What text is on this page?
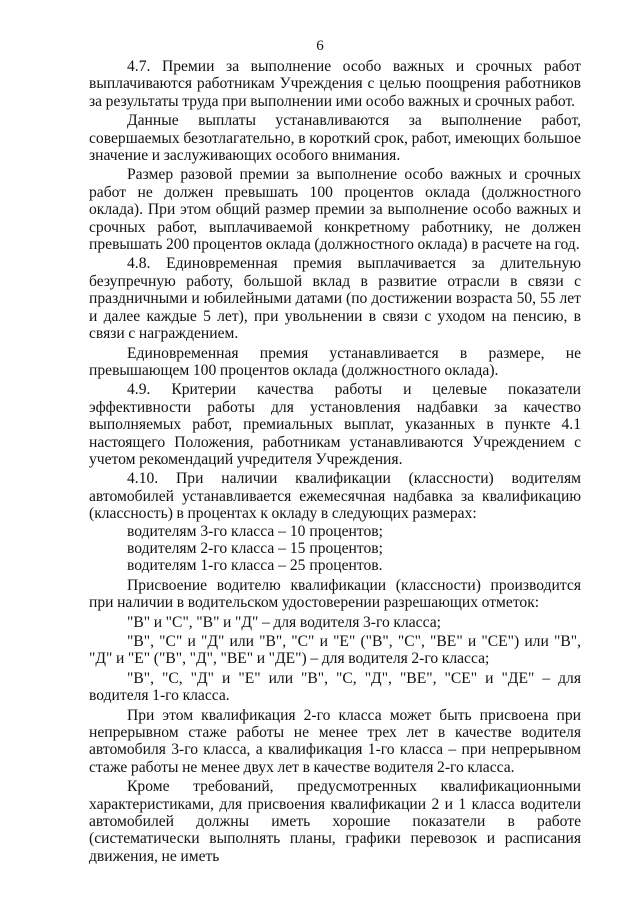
6

4.7. Премии за выполнение особо важных и срочных работ выплачиваются работникам Учреждения с целью поощрения работников за результаты труда при выполнении ими особо важных и срочных работ.

Данные выплаты устанавливаются за выполнение работ, совершаемых безотлагательно, в короткий срок, работ, имеющих большое значение и заслуживающих особого внимания.

Размер разовой премии за выполнение особо важных и срочных работ не должен превышать 100 процентов оклада (должностного оклада). При этом общий размер премии за выполнение особо важных и срочных работ, выплачиваемой конкретному работнику, не должен превышать 200 процентов оклада (должностного оклада) в расчете на год.

4.8. Единовременная премия выплачивается за длительную безупречную работу, большой вклад в развитие отрасли в связи с праздничными и юбилейными датами (по достижении возраста 50, 55 лет и далее каждые 5 лет), при увольнении в связи с уходом на пенсию, в связи с награждением.

Единовременная премия устанавливается в размере, не превышающем 100 процентов оклада (должностного оклада).

4.9. Критерии качества работы и целевые показатели эффективности работы для установления надбавки за качество выполняемых работ, премиальных выплат, указанных в пункте 4.1 настоящего Положения, работникам устанавливаются Учреждением с учетом рекомендаций учредителя Учреждения.

4.10. При наличии квалификации (классности) водителям автомобилей устанавливается ежемесячная надбавка за квалификацию (классность) в процентах к окладу в следующих размерах:

водителям 3-го класса – 10 процентов;

водителям 2-го класса – 15 процентов;

водителям 1-го класса – 25 процентов.

Присвоение водителю квалификации (классности) производится при наличии в водительском удостоверении разрешающих отметок:

"В" и "С", "В" и "Д" – для водителя 3-го класса;

"В", "С" и "Д" или "В", "С" и "Е" ("В", "С", "ВЕ" и "СЕ") или "В", "Д" и "Е" ("В", "Д", "ВЕ" и "ДЕ") – для водителя 2-го класса;

"В", "С, "Д" и "Е" или "В", "С, "Д", "ВЕ", "СЕ" и "ДЕ" – для водителя 1-го класса.

При этом квалификация 2-го класса может быть присвоена при непрерывном стаже работы не менее трех лет в качестве водителя автомобиля 3-го класса, а квалификация 1-го класса – при непрерывном стаже работы не менее двух лет в качестве водителя 2-го класса.

Кроме требований, предусмотренных квалификационными характеристиками, для присвоения квалификации 2 и 1 класса водители автомобилей должны иметь хорошие показатели в работе (систематически выполнять планы, графики перевозок и расписания движения, не иметь
